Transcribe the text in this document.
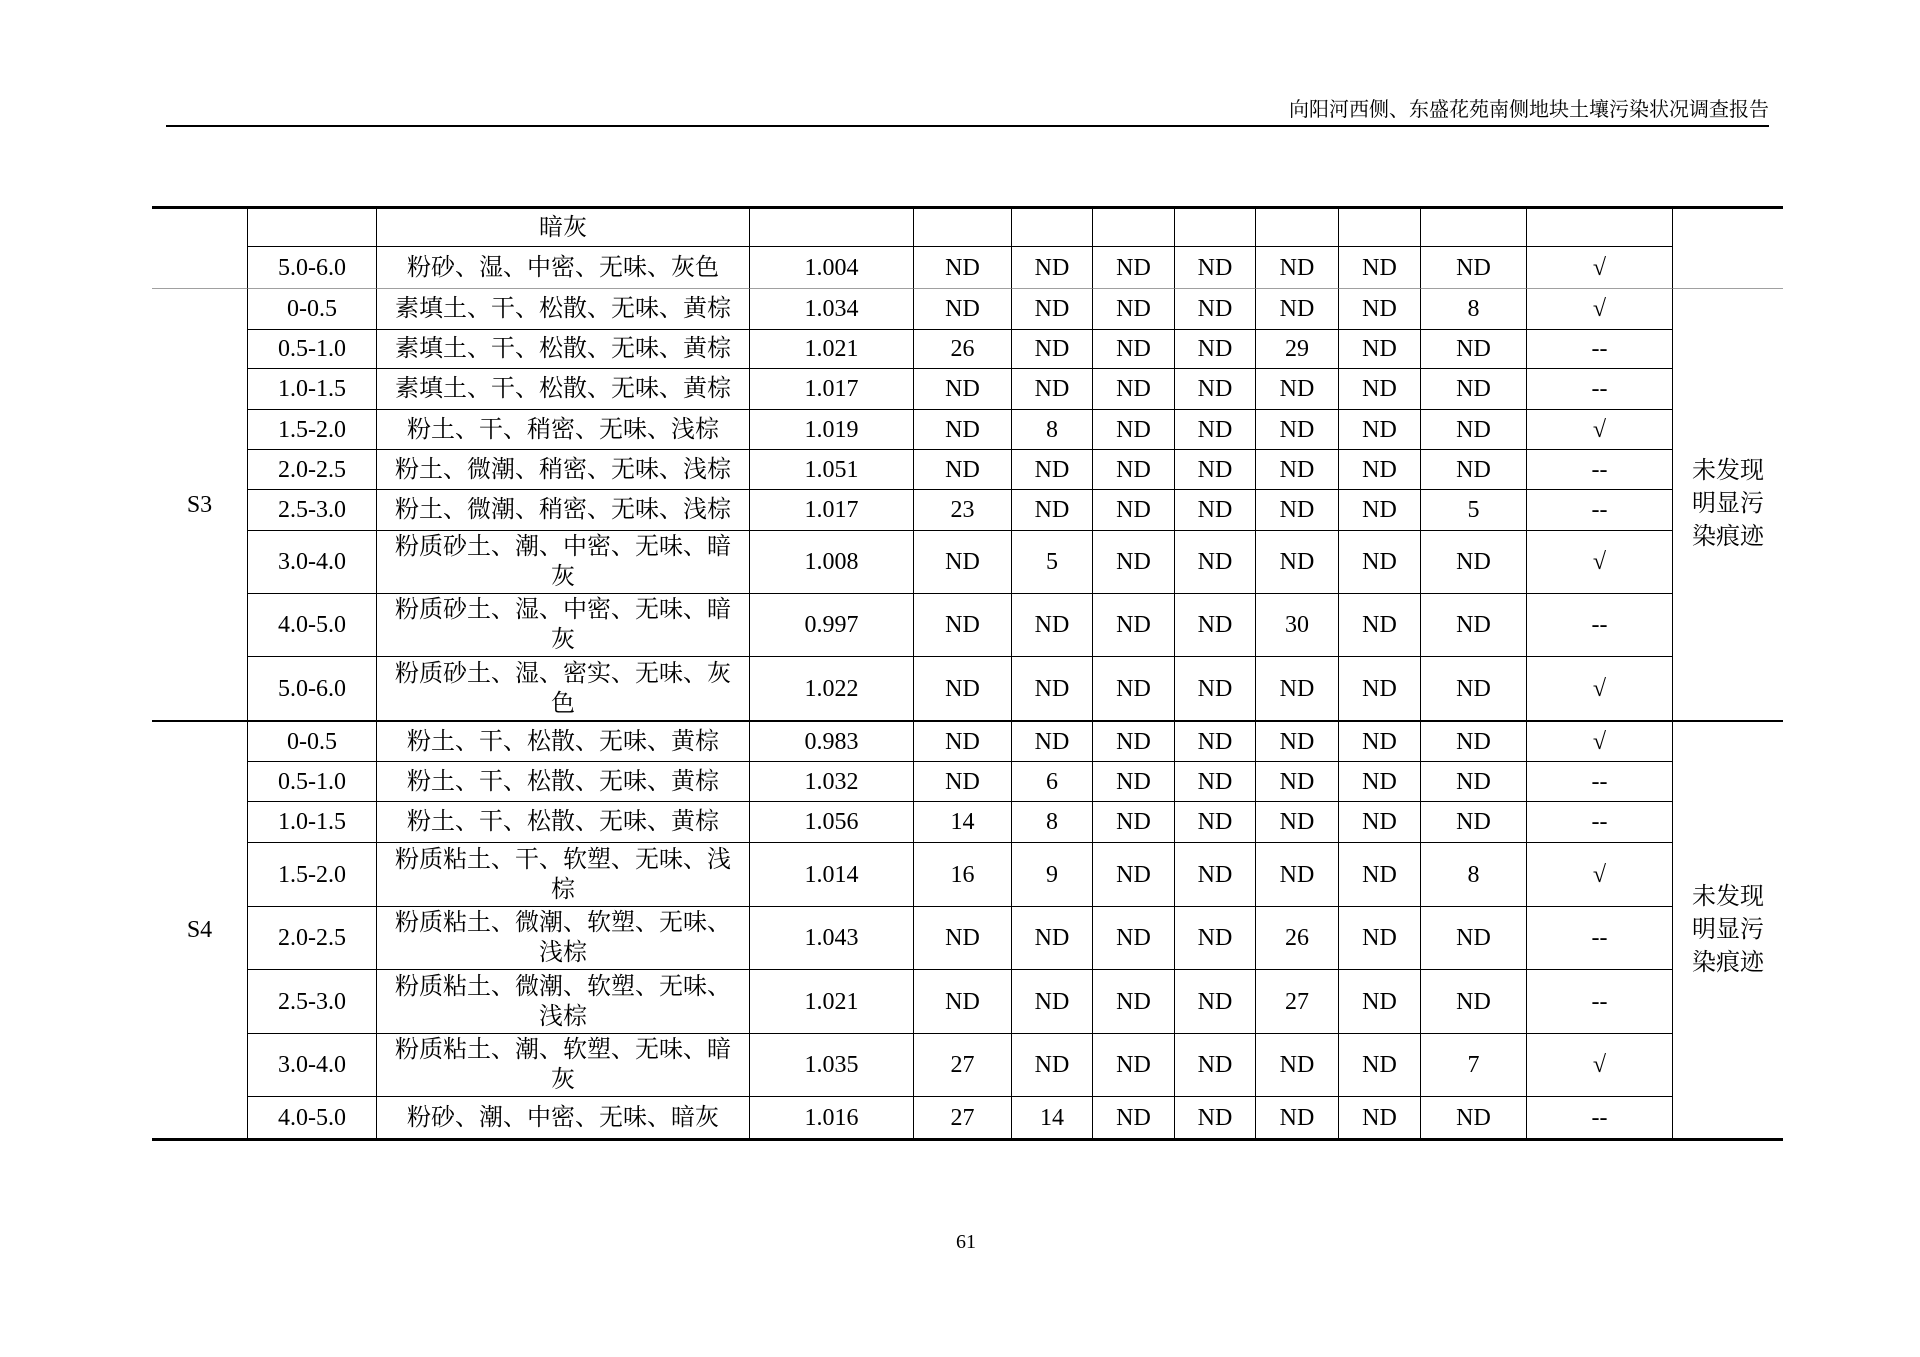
向阳河西侧、东盛花苑南侧地块土壤污染状况调查报告
		暗灰										
	5.0-6.0	粉砂、湿、中密、无味、灰色	1.004	ND	ND	ND	ND	ND	ND	ND	√	
S3	0-0.5	素填土、干、松散、无味、黄棕	1.034	ND	ND	ND	ND	ND	ND	8	√	未发现明显污染痕迹
	0.5-1.0	素填土、干、松散、无味、黄棕	1.021	26	ND	ND	ND	29	ND	ND	--	
	1.0-1.5	素填土、干、松散、无味、黄棕	1.017	ND	ND	ND	ND	ND	ND	ND	--	
	1.5-2.0	粉土、干、稍密、无味、浅棕	1.019	ND	8	ND	ND	ND	ND	ND	√	
	2.0-2.5	粉土、微潮、稍密、无味、浅棕	1.051	ND	ND	ND	ND	ND	ND	ND	--	
	2.5-3.0	粉土、微潮、稍密、无味、浅棕	1.017	23	ND	ND	ND	ND	ND	5	--	
	3.0-4.0	粉质砂土、潮、中密、无味、暗灰	1.008	ND	5	ND	ND	ND	ND	ND	√	
	4.0-5.0	粉质砂土、湿、中密、无味、暗灰	0.997	ND	ND	ND	ND	30	ND	ND	--	
	5.0-6.0	粉质砂土、湿、密实、无味、灰色	1.022	ND	ND	ND	ND	ND	ND	ND	√	
S4	0-0.5	粉土、干、松散、无味、黄棕	0.983	ND	ND	ND	ND	ND	ND	ND	√	未发现明显污染痕迹
	0.5-1.0	粉土、干、松散、无味、黄棕	1.032	ND	6	ND	ND	ND	ND	ND	--	
	1.0-1.5	粉土、干、松散、无味、黄棕	1.056	14	8	ND	ND	ND	ND	ND	--	
	1.5-2.0	粉质粘土、干、软塑、无味、浅棕	1.014	16	9	ND	ND	ND	ND	8	√	
	2.0-2.5	粉质粘土、微潮、软塑、无味、浅棕	1.043	ND	ND	ND	ND	26	ND	ND	--	
	2.5-3.0	粉质粘土、微潮、软塑、无味、浅棕	1.021	ND	ND	ND	ND	27	ND	ND	--	
	3.0-4.0	粉质粘土、潮、软塑、无味、暗灰	1.035	27	ND	ND	ND	ND	ND	7	√	
	4.0-5.0	粉砂、潮、中密、无味、暗灰	1.016	27	14	ND	ND	ND	ND	ND	--	
61
